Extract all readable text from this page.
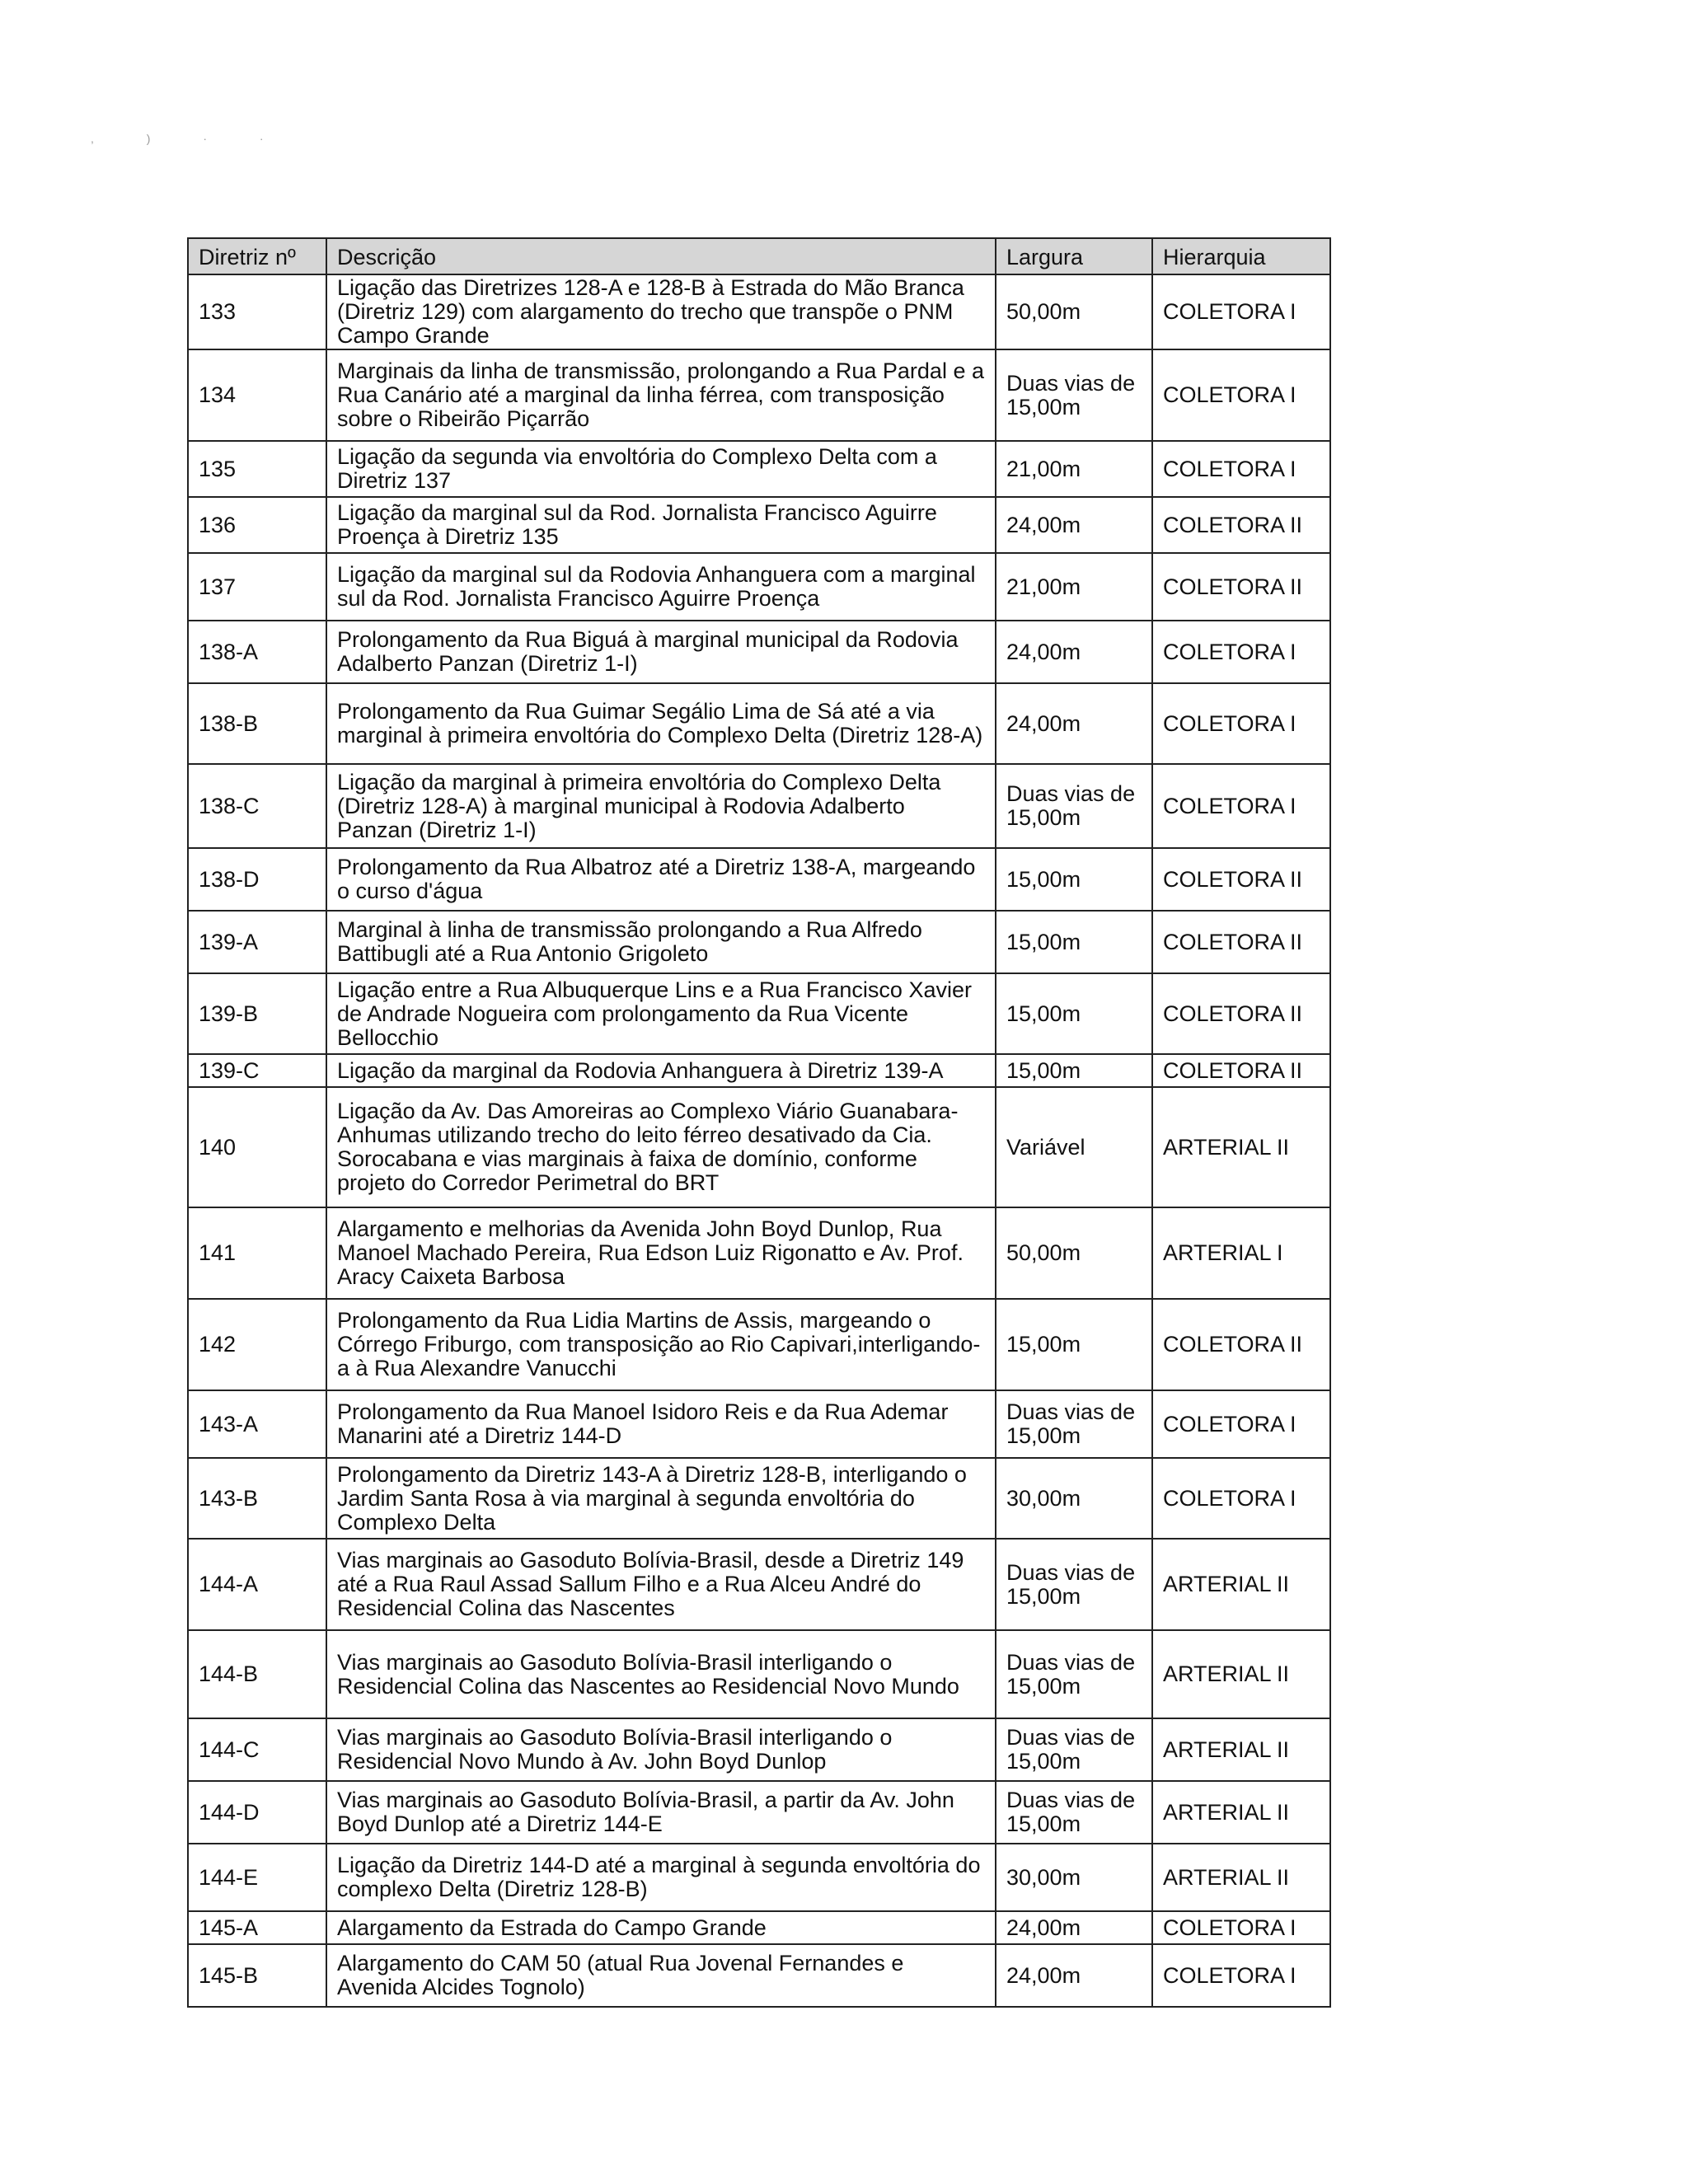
, ) · ·
Diretriz nº	Descrição	Largura	Hierarquia
133	Ligação das Diretrizes 128-A e 128-B à Estrada do Mão Branca (Diretriz 129) com alargamento do trecho que transpõe o PNM Campo Grande	50,00m	COLETORA I
134	Marginais da linha de transmissão, prolongando a Rua Pardal e a Rua Canário até a marginal da linha férrea, com transposição sobre o Ribeirão Piçarrão	Duas vias de 15,00m	COLETORA I
135	Ligação da segunda via envoltória do Complexo Delta com a Diretriz 137	21,00m	COLETORA I
136	Ligação da marginal sul da Rod. Jornalista Francisco Aguirre Proença à Diretriz 135	24,00m	COLETORA II
137	Ligação da marginal sul da Rodovia Anhanguera com a marginal sul da Rod. Jornalista Francisco Aguirre Proença	21,00m	COLETORA II
138-A	Prolongamento da Rua Biguá à marginal municipal da Rodovia Adalberto Panzan (Diretriz 1-I)	24,00m	COLETORA I
138-B	Prolongamento da Rua Guimar Segálio Lima de Sá até a via marginal à primeira envoltória do Complexo Delta (Diretriz 128-A)	24,00m	COLETORA I
138-C	Ligação da marginal à primeira envoltória do Complexo Delta (Diretriz 128-A) à marginal municipal à Rodovia Adalberto Panzan (Diretriz 1-I)	Duas vias de 15,00m	COLETORA I
138-D	Prolongamento da Rua Albatroz até a Diretriz 138-A, margeando o curso d'água	15,00m	COLETORA II
139-A	Marginal à linha de transmissão prolongando a Rua Alfredo Battibugli até a Rua Antonio Grigoleto	15,00m	COLETORA II
139-B	Ligação entre a Rua Albuquerque Lins e a Rua Francisco Xavier de Andrade Nogueira com prolongamento da Rua Vicente Bellocchio	15,00m	COLETORA II
139-C	Ligação da marginal da Rodovia Anhanguera à Diretriz 139-A	15,00m	COLETORA II
140	Ligação da Av. Das Amoreiras ao Complexo Viário Guanabara-Anhumas utilizando trecho do leito férreo desativado da Cia. Sorocabana e vias marginais à faixa de domínio, conforme projeto do Corredor Perimetral do BRT	Variável	ARTERIAL II
141	Alargamento e melhorias da Avenida John Boyd Dunlop, Rua Manoel Machado Pereira, Rua Edson Luiz Rigonatto e Av. Prof. Aracy Caixeta Barbosa	50,00m	ARTERIAL I
142	Prolongamento da Rua Lidia Martins de Assis, margeando o Córrego Friburgo, com transposição ao Rio Capivari,interligando-a à Rua Alexandre Vanucchi	15,00m	COLETORA II
143-A	Prolongamento da Rua Manoel Isidoro Reis e da Rua Ademar Manarini até a Diretriz 144-D	Duas vias de 15,00m	COLETORA I
143-B	Prolongamento da Diretriz 143-A à Diretriz 128-B, interligando o Jardim Santa Rosa à via marginal à segunda envoltória do Complexo Delta	30,00m	COLETORA I
144-A	Vias marginais ao Gasoduto Bolívia-Brasil, desde a Diretriz 149 até a Rua Raul Assad Sallum Filho e a Rua Alceu André do Residencial Colina das Nascentes	Duas vias de 15,00m	ARTERIAL II
144-B	Vias marginais ao Gasoduto Bolívia-Brasil interligando o Residencial Colina das Nascentes ao Residencial Novo Mundo	Duas vias de 15,00m	ARTERIAL II
144-C	Vias marginais ao Gasoduto Bolívia-Brasil interligando o Residencial Novo Mundo à Av. John Boyd Dunlop	Duas vias de 15,00m	ARTERIAL II
144-D	Vias marginais ao Gasoduto Bolívia-Brasil, a partir da Av. John Boyd Dunlop até a Diretriz 144-E	Duas vias de 15,00m	ARTERIAL II
144-E	Ligação da Diretriz 144-D até a marginal à segunda envoltória do complexo Delta (Diretriz 128-B)	30,00m	ARTERIAL II
145-A	Alargamento da Estrada do Campo Grande	24,00m	COLETORA I
145-B	Alargamento do CAM 50 (atual Rua Jovenal Fernandes e Avenida Alcides Tognolo)	24,00m	COLETORA I
